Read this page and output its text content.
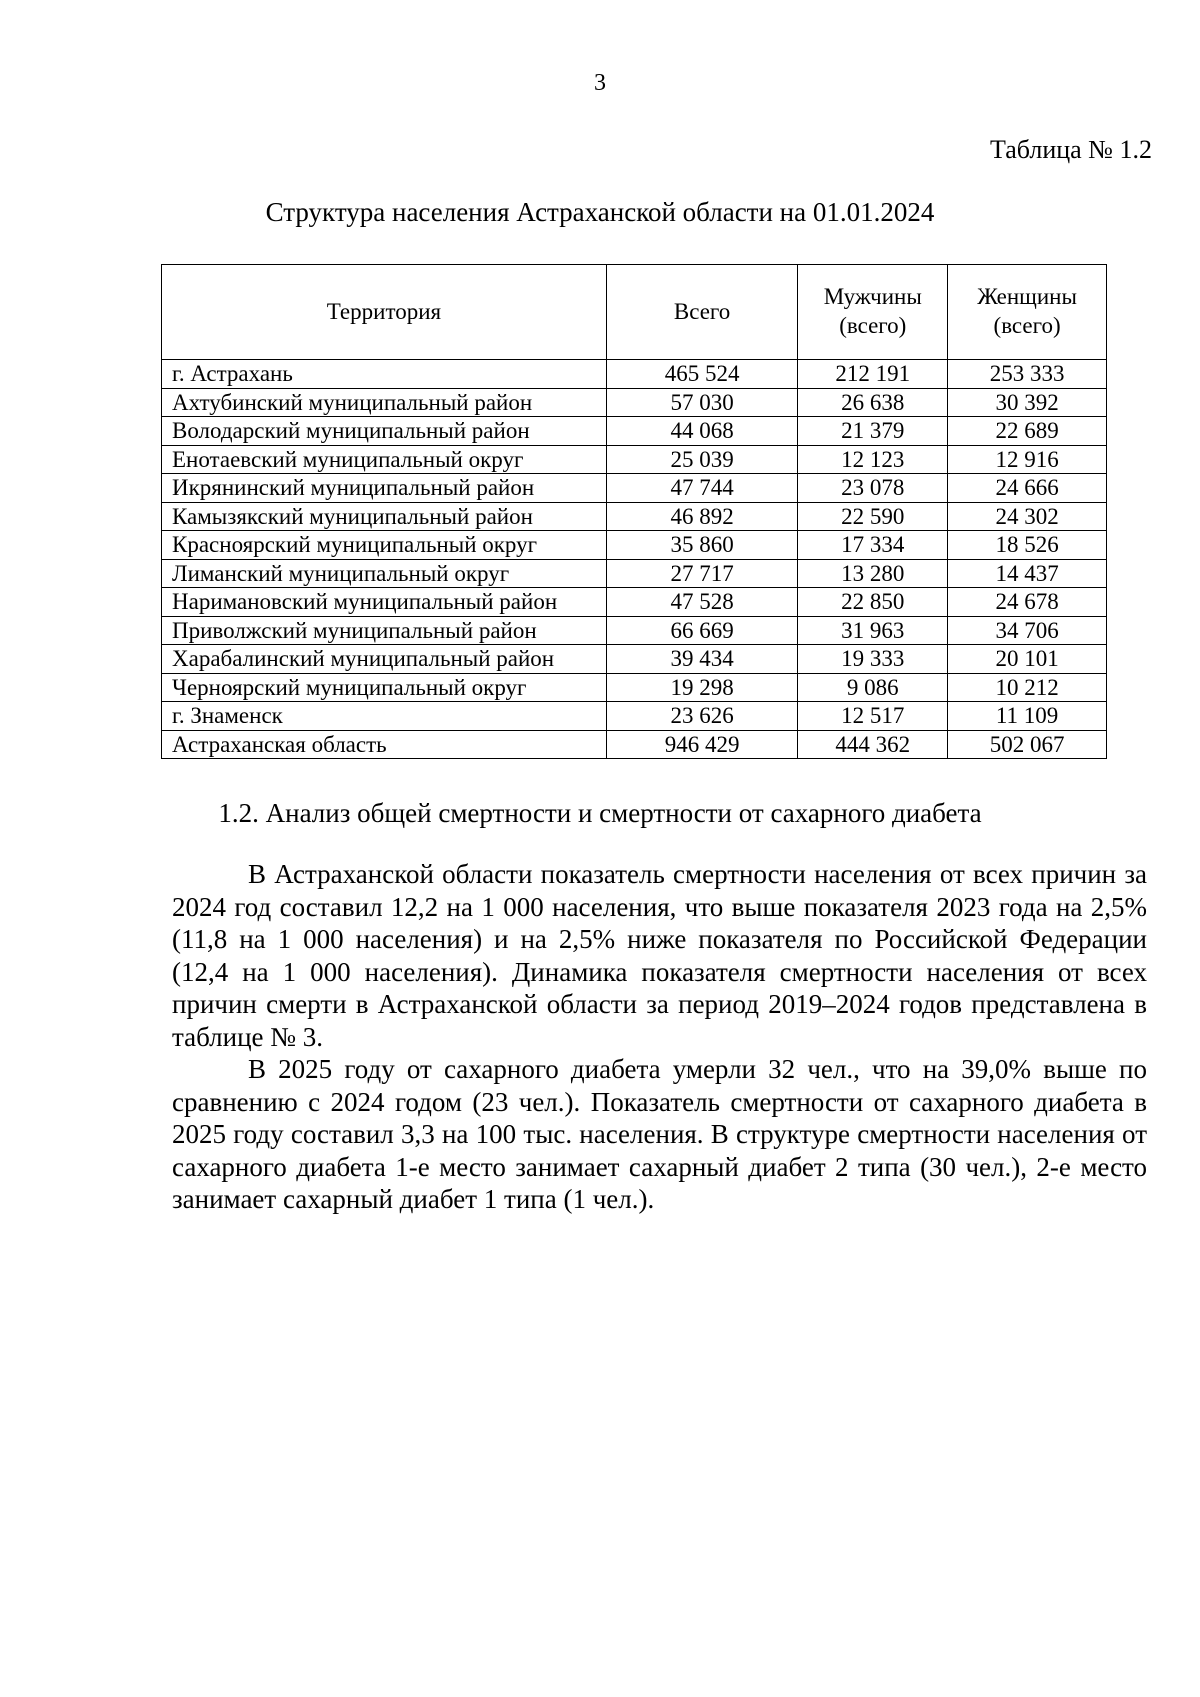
3
Таблица № 1.2
Структура населения Астраханской области на 01.01.2024
Территория	Всего	Мужчины (всего)	Женщины (всего)
г. Астрахань	465 524	212 191	253 333
Ахтубинский муниципальный район	57 030	26 638	30 392
Володарский муниципальный район	44 068	21 379	22 689
Енотаевский муниципальный округ	25 039	12 123	12 916
Икрянинский муниципальный район	47 744	23 078	24 666
Камызякский муниципальный район	46 892	22 590	24 302
Красноярский муниципальный округ	35 860	17 334	18 526
Лиманский муниципальный округ	27 717	13 280	14 437
Наримановский муниципальный район	47 528	22 850	24 678
Приволжский муниципальный район	66 669	31 963	34 706
Харабалинский муниципальный район	39 434	19 333	20 101
Черноярский муниципальный округ	19 298	9 086	10 212
г. Знаменск	23 626	12 517	11 109
Астраханская область	946 429	444 362	502 067
1.2. Анализ общей смертности и смертности от сахарного диабета

В Астраханской области показатель смертности населения от всех причин за 2024 год составил 12,2 на 1 000 населения, что выше показателя 2023 года на 2,5% (11,8 на 1 000 населения) и на 2,5% ниже показателя по Российской Федерации (12,4 на 1 000 населения). Динамика показателя смертности населения от всех причин смерти в Астраханской области за период 2019–2024 годов представлена в таблице № 3.

В 2025 году от сахарного диабета умерли 32 чел., что на 39,0% выше по сравнению с 2024 годом (23 чел.). Показатель смертности от сахарного диабета в 2025 году составил 3,3 на 100 тыс. населения. В структуре смертности населения от сахарного диабета 1-е место занимает сахарный диабет 2 типа (30 чел.), 2-е место занимает сахарный диабет 1 типа (1 чел.).
